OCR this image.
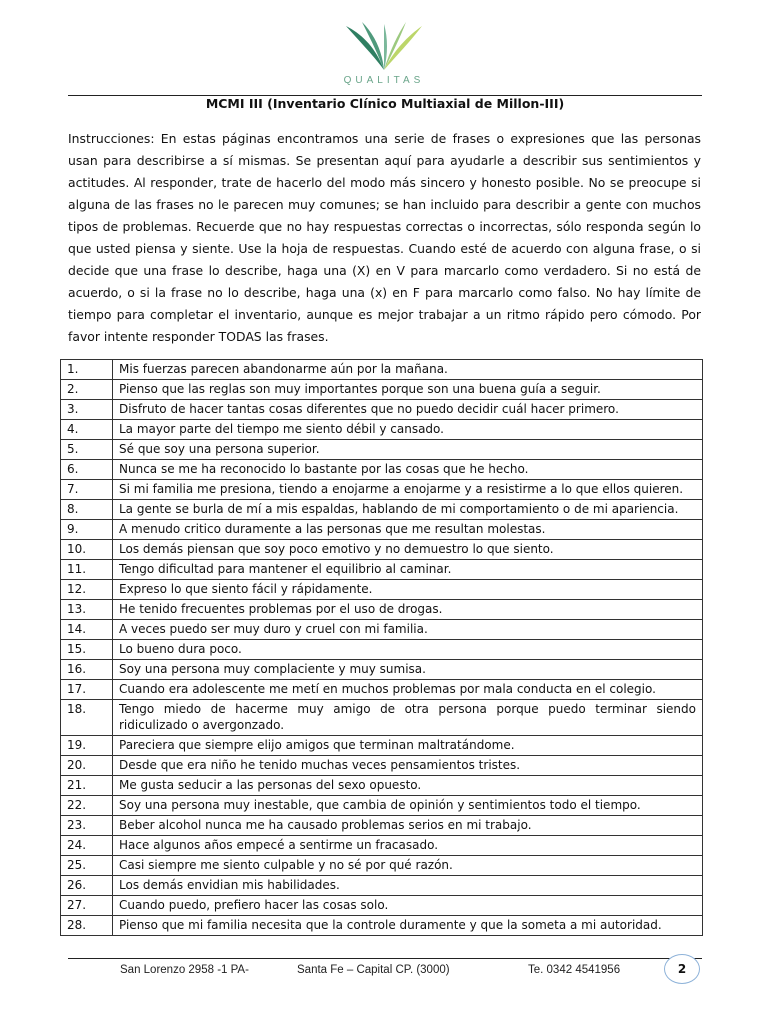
QUALITAS
MCMI III (Inventario Clínico Multiaxial de Millon-III)

Instrucciones: En estas páginas encontramos una serie de frases o expresiones que las personas usan para describirse a sí mismas. Se presentan aquí para ayudarle a describir sus sentimientos y actitudes. Al responder, trate de hacerlo del modo más sincero y honesto posible. No se preocupe si alguna de las frases no le parecen muy comunes; se han incluido para describir a gente con muchos tipos de problemas. Recuerde que no hay respuestas correctas o incorrectas, sólo responda según lo que usted piensa y siente. Use la hoja de respuestas. Cuando esté de acuerdo con alguna frase, o si decide que una frase lo describe, haga una (X) en V para marcarlo como verdadero. Si no está de acuerdo, o si la frase no lo describe, haga una (x) en F para marcarlo como falso. No hay límite de tiempo para completar el inventario, aunque es mejor trabajar a un ritmo rápido pero cómodo. Por favor intente responder TODAS las frases.

1.	Mis fuerzas parecen abandonarme aún por la mañana.
2.	Pienso que las reglas son muy importantes porque son una buena guía a seguir.
3.	Disfruto de hacer tantas cosas diferentes que no puedo decidir cuál hacer primero.
4.	La mayor parte del tiempo me siento débil y cansado.
5.	Sé que soy una persona superior.
6.	Nunca se me ha reconocido lo bastante por las cosas que he hecho.
7.	Si mi familia me presiona, tiendo a enojarme a enojarme y a resistirme a lo que ellos quieren.
8.	La gente se burla de mí a mis espaldas, hablando de mi comportamiento o de mi apariencia.
9.	A menudo critico duramente a las personas que me resultan molestas.
10.	Los demás piensan que soy poco emotivo y no demuestro lo que siento.
11.	Tengo dificultad para mantener el equilibrio al caminar.
12.	Expreso lo que siento fácil y rápidamente.
13.	He tenido frecuentes problemas por el uso de drogas.
14.	A veces puedo ser muy duro y cruel con mi familia.
15.	Lo bueno dura poco.
16.	Soy una persona muy complaciente y muy sumisa.
17.	Cuando era adolescente me metí en muchos problemas por mala conducta en el colegio.
18.	Tengo miedo de hacerme muy amigo de otra persona porque puedo terminar siendo ridiculizado o avergonzado.
19.	Pareciera que siempre elijo amigos que terminan maltratándome.
20.	Desde que era niño he tenido muchas veces pensamientos tristes.
21.	Me gusta seducir a las personas del sexo opuesto.
22.	Soy una persona muy inestable, que cambia de opinión y sentimientos todo el tiempo.
23.	Beber alcohol nunca me ha causado problemas serios en mi trabajo.
24.	Hace algunos años empecé a sentirme un fracasado.
25.	Casi siempre me siento culpable y no sé por qué razón.
26.	Los demás envidian mis habilidades.
27.	Cuando puedo, prefiero hacer las cosas solo.
28.	Pienso que mi familia necesita que la controle duramente y que la someta a mi autoridad.
San Lorenzo 2958 -1 PA-	Santa Fe – Capital CP. (3000)	Te. 0342 4541956	2
